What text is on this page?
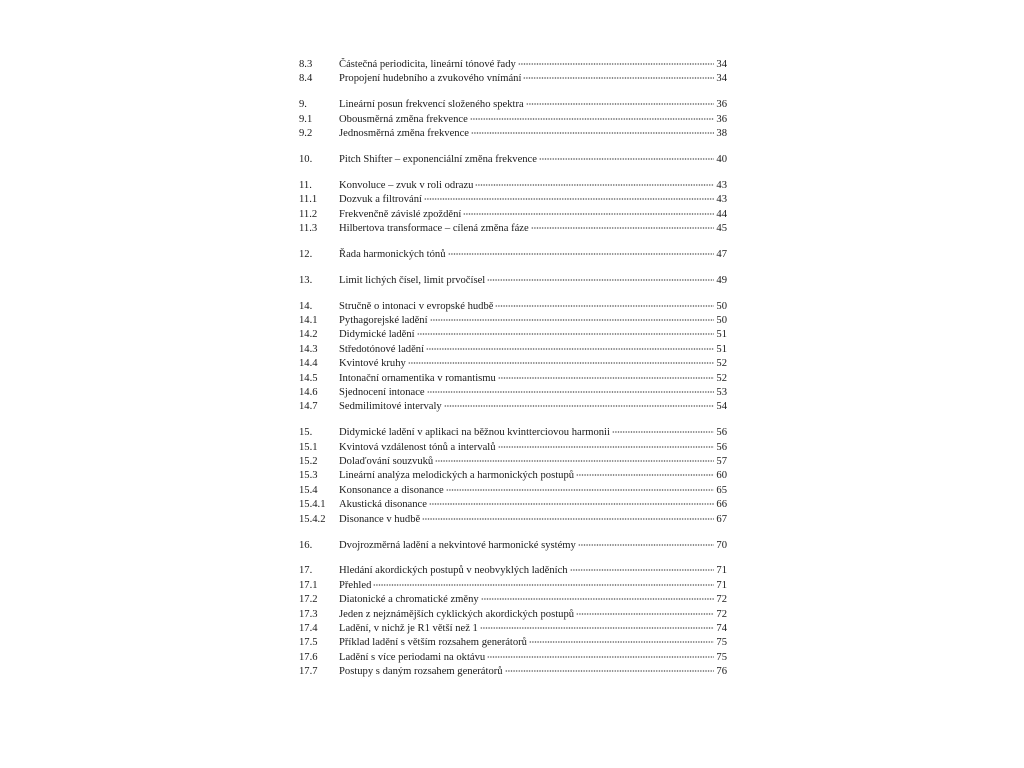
8.3	Částečná periodicita, lineární tónové řady	34
8.4	Propojení hudebního a zvukového vnímání	34
9.	Lineární posun frekvencí složeného spektra	36
9.1	Obousměrná změna frekvence	36
9.2	Jednosměrná změna frekvence	38
10.	Pitch Shifter – exponenciální změna frekvence	40
11.	Konvoluce – zvuk v roli odrazu	43
11.1	Dozvuk a filtrování	43
11.2	Frekvenčně závislé zpoždění	44
11.3	Hilbertova transformace – cílená změna fáze	45
12.	Řada harmonických tónů	47
13.	Limit lichých čísel, limit prvočísel	49
14.	Stručně o intonaci v evropské hudbě	50
14.1	Pythagorejské ladění	50
14.2	Didymické ladění	51
14.3	Středotónové ladění	51
14.4	Kvintové kruhy	52
14.5	Intonační ornamentika v romantismu	52
14.6	Sjednocení intonace	53
14.7	Sedmilimitové intervaly	54
15.	Didymické ladění v aplikaci na běžnou kvintterciovou harmonii	56
15.1	Kvintová vzdálenost tónů a intervalů	56
15.2	Dolaďování souzvuků	57
15.3	Lineární analýza melodických a harmonických postupů	60
15.4	Konsonance a disonance	65
15.4.1	Akustická disonance	66
15.4.2	Disonance v hudbě	67
16.	Dvojrozměrná ladění a nekvintové harmonické systémy	70
17.	Hledání akordických postupů v neobvyklých laděních	71
17.1	Přehled	71
17.2	Diatonické a chromatické změny	72
17.3	Jeden z nejznámějších cyklických akordických postupů	72
17.4	Ladění, v nichž je R1 větší než 1	74
17.5	Příklad ladění s větším rozsahem generátorů	75
17.6	Ladění s více periodami na oktávu	75
17.7	Postupy s daným rozsahem generátorů	76
